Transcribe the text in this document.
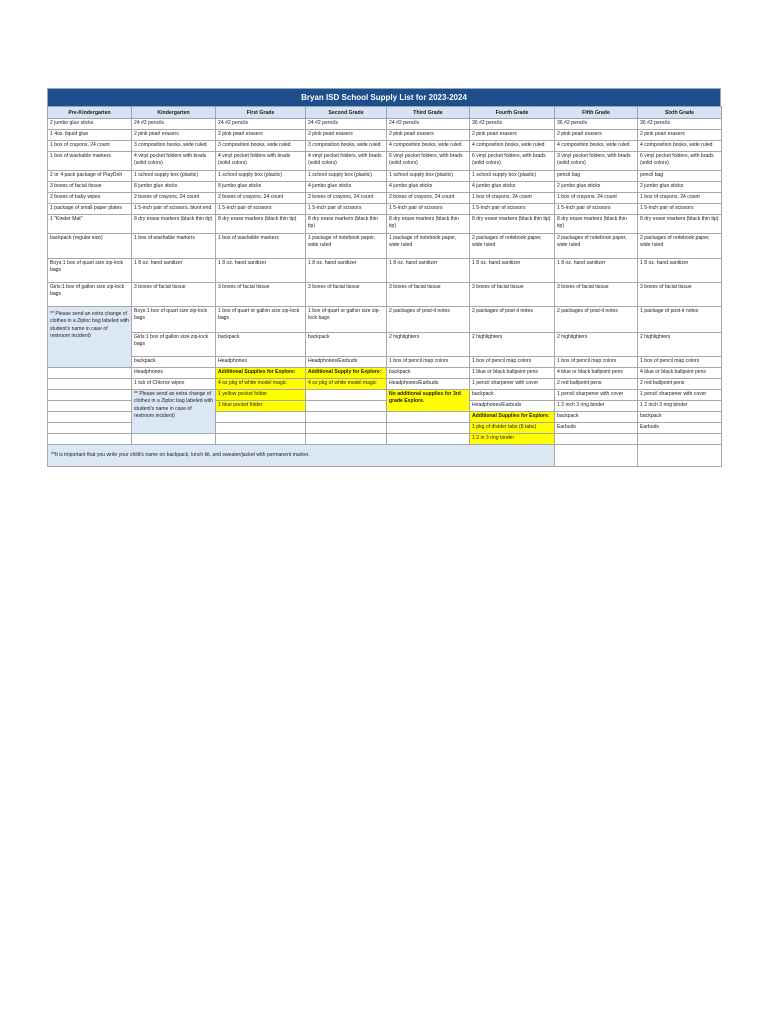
Bryan ISD School Supply List for 2023-2024
Pre-Kindergarten	Kindergarten	First Grade	Second Grade	Third Grade	Fourth Grade	Fifth Grade	Sixth Grade
2 jumbo glue sticks	24 #2 pencils	24 #2 pencils	24 #2 pencils	24 #2 pencils	36 #2 pencils	36 #2 pencils	36 #2 pencils
1 4oz. liquid glue	2 pink pearl erasers	2 pink pearl erasers	2 pink pearl erasers	2 pink pearl erasers	2 pink pearl erasers	2 pink pearl erasers	2 pink pearl erasers
1 box of crayons, 24 count	3 composition books, wide ruled	3 composition books, wide ruled	3 composition books, wide ruled	4 composition books, wide ruled	4 composition books, wide ruled	4 composition books, wide ruled	4 composition books, wide ruled
1 box of washable markers	4 vinyl pocket folders with brads (solid colors)	4 vinyl pocket folders with brads (solid colors)	4 vinyl pocket folders, with brads (solid colors)	6 vinyl pocket folders, with brads (solid colors)	6 vinyl pocket folders, with brads (solid colors)	3 vinyl pocket folders, with brads (solid colors)	6 vinyl pocket folders, with brads (solid colors)
2 or 4 pack package of PlayDoh	1 school supply box (plastic)	1 school supply box (plastic)	1 school supply box (plastic)	1 school supply box (plastic)	1 school supply box (plastic)	pencil bag	pencil bag
3 boxes of facial tissue	8 jumbo glue sticks	8 jumbo glue sticks	4 jumbo glue sticks	4 jumbo glue sticks	4 jumbo glue sticks	2 jumbo glue sticks	2 jumbo glue sticks
2 boxes of baby wipes	2 boxes of crayons, 24 count	2 boxes of crayons, 24 count	2 boxes of crayons, 24 count	2 boxes of crayons, 24 count	1 box of crayons, 24 count	1 box of crayons, 24 count	1 box of crayons, 24 count
1 package of small paper plates	1 5-inch pair of scissors, blunt end	1 5-inch pair of scissors	1 5-inch pair of scissors	1 5-inch pair of scissors	1 5-inch pair of scissors	1 5-inch pair of scissors	1 5-inch pair of scissors
1 "Kinder Mat"	8 dry erase markers (black thin tip)	8 dry erase markers (black thin tip)	8 dry erase markers (black thin tip)	8 dry erase markers (black thin tip)	8 dry erase markers (black thin tip)	8 dry erase markers (black thin tip)	8 dry erase markers (black thin tip)
backpack (regular size)	1 box of washable markers	1 box of washable markers	1 package of notebook paper, wide ruled	1 package of notebook paper, wide ruled	2 packages of notebook paper, wide ruled	2 packages of notebook paper, wide ruled	2 packages of notebook paper, wide ruled
Boys:1 box of quart size zip-lock bags	1 8 oz. hand sanitizer	1 8 oz. hand sanitizer	1 8 oz. hand sanitizer	1 8 oz. hand sanitizer	1 8 oz. hand sanitizer	1 8 oz. hand sanitizer	1 8 oz. hand sanitizer
Girls:1 box of gallon size zip-lock bags	3 boxes of facial tissue	3 boxes of facial tissue	3 boxes of facial tissue	3 boxes of facial tissue	3 boxes of facial tissue	3 boxes of facial tissue	3 boxes of facial tissue
** Please send an extra change of clothes in a Ziploc bag labeled with student's name in case of restroom incident)	Boys:1 box of quart size zip-lock bags	1 box of quart or gallon size zip-lock bags	1 box of quart or gallon size zip-lock bags	2 packages of post-it notes	2 packages of post-it notes	2 packages of post-it notes	1 package of post-it notes
	Girls:1 box of gallon size zip-lock bags	backpack	backpack	2 highlighters	2 highlighters	2 highlighters	2 highlighters
	backpack	Headphones	Headphones/Earbuds	1 box of pencil map colors	1 box of pencil map colors	1 box of pencil map colors	1 box of pencil map colors
	Headphones	Additional Supplies for Explore:	Additional Supply for Explore:	backpack	1 blue or black ballpoint pens	4 blue or black ballpoint pens	4 blue or black ballpoint pens
	1 tub of Chlorox wipes	4 oz pkg of white model magic	4 oz pkg of white model magic	Headphones/Earbuds	1 pencil sharpener with cover	2 red ballpoint pens	2 red ballpoint pens
	** Please send an extra change of clothes in a Ziploc bag labeled with student's name in case of restroom incident)	1 yellow pocket folder		No additional supplies for 3rd grade Explore.	backpack	1 pencil sharpener with cover	1 pencil sharpener with cover
		1 blue pocket folder			Headphones/Earbuds	1 2 inch 3 ring binder	1 2 inch 3 ring binder
					Additional Supplies for Explore:	backpack	backpack
					1 pkg of divider tabs (8 tabs)	Earbuds	Earbuds
					1 2 in 3 ring binder		
**It is important that you write your child's name on backpack, lunch kit, and sweater/jacket with permanent marker.							
